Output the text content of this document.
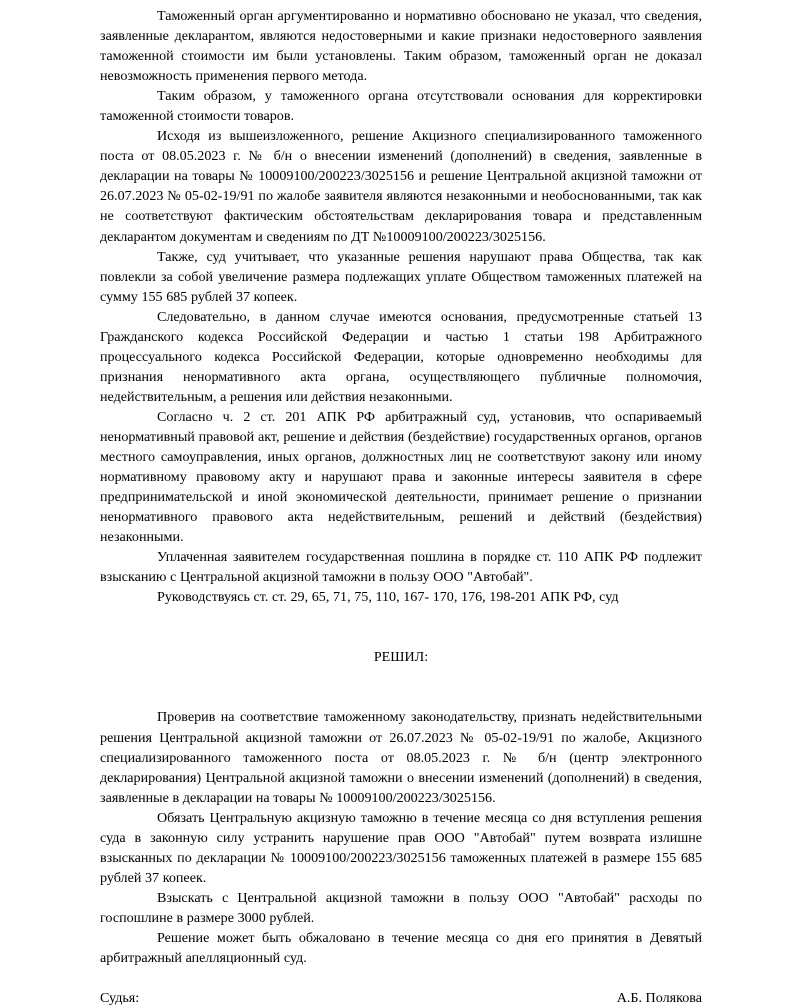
Таможенный орган аргументированно и нормативно обосновано не указал, что сведения, заявленные декларантом, являются недостоверными и какие признаки недостоверного заявления таможенной стоимости им были установлены. Таким образом, таможенный орган не доказал невозможность применения первого метода.

Таким образом, у таможенного органа отсутствовали основания для корректировки таможенной стоимости товаров.

Исходя из вышеизложенного, решение Акцизного специализированного таможенного поста от 08.05.2023 г. № б/н о внесении изменений (дополнений) в сведения, заявленные в декларации на товары № 10009100/200223/3025156 и решение Центральной акцизной таможни от 26.07.2023 № 05-02-19/91 по жалобе заявителя являются незаконными и необоснованными, так как не соответствуют фактическим обстоятельствам декларирования товара и представленным декларантом документам и сведениям по ДТ №10009100/200223/3025156.

Также, суд учитывает, что указанные решения нарушают права Общества, так как повлекли за собой увеличение размера подлежащих уплате Обществом таможенных платежей на сумму 155 685 рублей 37 копеек.

Следовательно, в данном случае имеются основания, предусмотренные статьей 13 Гражданского кодекса Российской Федерации и частью 1 статьи 198 Арбитражного процессуального кодекса Российской Федерации, которые одновременно необходимы для признания ненормативного акта органа, осуществляющего публичные полномочия, недействительным, а решения или действия незаконными.

Согласно ч. 2 ст. 201 АПК РФ арбитражный суд, установив, что оспариваемый ненормативный правовой акт, решение и действия (бездействие) государственных органов, органов местного самоуправления, иных органов, должностных лиц не соответствуют закону или иному нормативному правовому акту и нарушают права и законные интересы заявителя в сфере предпринимательской и иной экономической деятельности, принимает решение о признании ненормативного правового акта недействительным, решений и действий (бездействия) незаконными.

Уплаченная заявителем государственная пошлина в порядке ст. 110 АПК РФ подлежит взысканию с Центральной акцизной таможни в пользу ООО "Автобай".

Руководствуясь ст. ст. 29, 65, 71, 75, 110, 167- 170, 176, 198-201 АПК РФ, суд

РЕШИЛ:

Проверив на соответствие таможенному законодательству, признать недействительными решения Центральной акцизной таможни от 26.07.2023 № 05-02-19/91 по жалобе, Акцизного специализированного таможенного поста от 08.05.2023 г. № б/н (центр электронного декларирования) Центральной акцизной таможни о внесении изменений (дополнений) в сведения, заявленные в декларации на товары № 10009100/200223/3025156.

Обязать Центральную акцизную таможню в течение месяца со дня вступления решения суда в законную силу устранить нарушение прав ООО "Автобай" путем возврата излишне взысканных по декларации № 10009100/200223/3025156 таможенных платежей в размере 155 685 рублей 37 копеек.

Взыскать с Центральной акцизной таможни в пользу ООО "Автобай" расходы по госпошлине в размере 3000 рублей.

Решение может быть обжаловано в течение месяца со дня его принятия в Девятый арбитражный апелляционный суд.

Судья:	А.Б. Полякова
